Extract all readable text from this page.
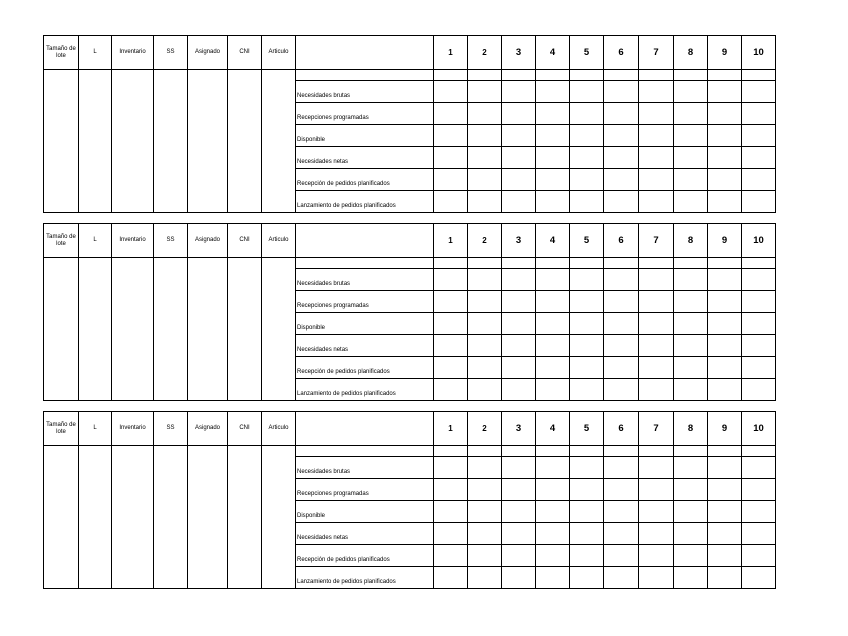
Tamaño de lote	L	Inventario	SS	Asignado	CNI	Articulo		1	2	3	4	5	6	7	8	9	10

							Necesidades brutas										
							Recepciones programadas										
							Disponible										
							Necesidades netas										
							Recepción de pedidos planificados										
							Lanzamiento de pedidos planificados										
Tamaño de lote	L	Inventario	SS	Asignado	CNI	Articulo		1	2	3	4	5	6	7	8	9	10

							Necesidades brutas										
							Recepciones programadas										
							Disponible										
							Necesidades netas										
							Recepción de pedidos planificados										
							Lanzamiento de pedidos planificados										
Tamaño de lote	L	Inventario	SS	Asignado	CNI	Articulo		1	2	3	4	5	6	7	8	9	10

							Necesidades brutas										
							Recepciones programadas										
							Disponible										
							Necesidades netas										
							Recepción de pedidos planificados										
							Lanzamiento de pedidos planificados										
